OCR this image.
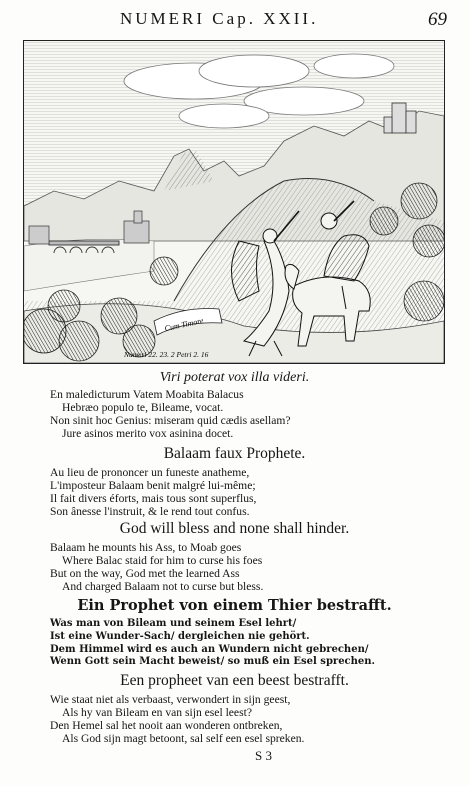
NUMERI Cap. XXII.	69
Cum Timore
Numeri 22. 23. 2 Petri 2. 16
Viri poterat vox illa videri.
En maledicturum Vatem Moabita Balacus
Hebræo populo te, Bileame, vocat.
Non sinit hoc Genius: miseram quid cædis asellam?
Jure asinos merito vox asinina docet.
Balaam faux Prophete.
Au lieu de prononcer un funeste anatheme,
L'imposteur Balaam benit malgré lui-même;
Il fait divers éforts, mais tous sont superflus,
Son ânesse l'instruit, & le rend tout confus.
God will bless and none shall hinder.
Balaam he mounts his Ass, to Moab goes
Where Balac staid for him to curse his foes
But on the way, God met the learned Ass
And charged Balaam not to curse but bless.
Ein Prophet von einem Thier bestrafft.
Was man von Bileam und seinem Esel lehrt/
Ist eine Wunder-Sach/ dergleichen nie gehört.
Dem Himmel wird es auch an Wundern nicht gebrechen/
Wenn Gott sein Macht beweist/ so muß ein Esel sprechen.
Een propheet van een beest bestrafft.
Wie staat niet als verbaast, verwondert in sijn geest,
Als hy van Bileam en van sijn esel leest?
Den Hemel sal het nooit aan wonderen ontbreken,
Als God sijn magt betoont, sal self een esel spreken.
S 3
